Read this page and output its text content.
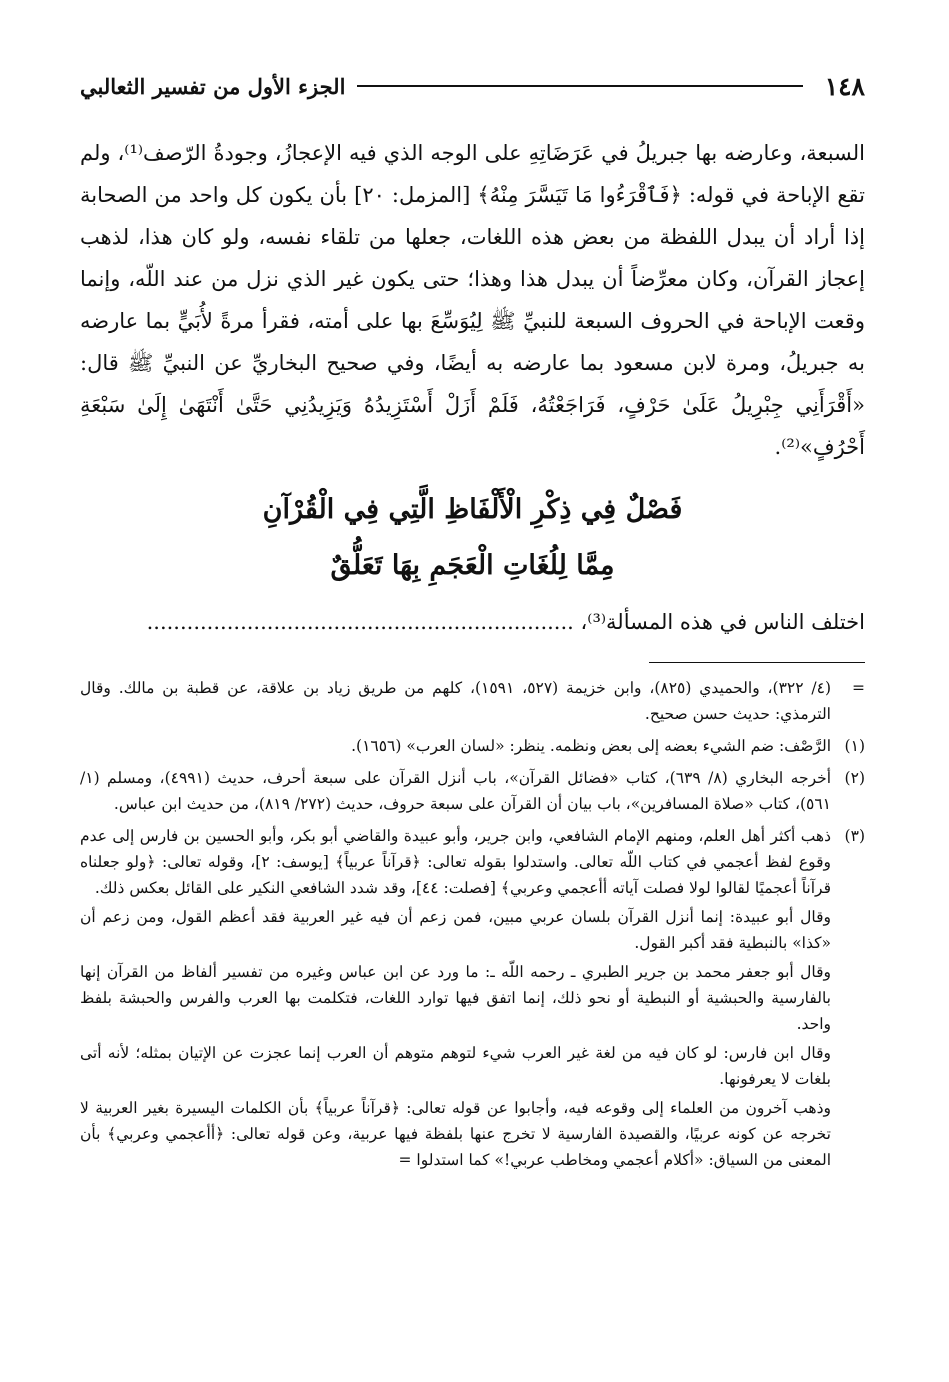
١٤٨
الجزء الأول من تفسير الثعالبي
السبعة، وعارضه بها جبريلُ في عَرَضَاتِهِ على الوجه الذي فيه الإعجازُ، وجودةُ الرّصف⁽¹⁾، ولم تقع الإباحة في قوله: ﴿فَٱقْرَءُوا مَا تَيَسَّرَ مِنْهُ﴾ [المزمل: ٢٠] بأن يكون كل واحد من الصحابة إذا أراد أن يبدل اللفظة من بعض هذه اللغات، جعلها من تلقاء نفسه، ولو كان هذا، لذهب إعجاز القرآن، وكان معرِّضاً أن يبدل هذا وهذا؛ حتى يكون غير الذي نزل من عند اللّه، وإنما وقعت الإباحة في الحروف السبعة للنبيِّ ﷺ لِيُوَسِّعَ بها على أمته، فقرأ مرةً لأُبَيٍّ بما عارضه به جبريلُ، ومرة لابن مسعود بما عارضه به أيضًا، وفي صحيح البخاريِّ عن النبيِّ ﷺ قال: «أَقْرَأَنِي جِبْرِيلُ عَلَىٰ حَرْفٍ، فَرَاجَعْتُهُ، فَلَمْ أَزَلْ أَسْتَزِيدُهُ وَيَزِيدُنِي حَتَّىٰ أَنْتَهَىٰ إِلَىٰ سَبْعَةِ أَحْرُفٍ»⁽²⁾.
فَصْلٌ فِي ذِكْرِ الْأَلْفَاظِ الَّتِي فِي الْقُرْآنِ
مِمَّا لِلُغَاتِ الْعَجَمِ بِهَا تَعَلُّقٌ
اختلف الناس في هذه المسألة⁽³⁾، ................................................................
=

(٤/ ٣٢٢)، والحميدي (٨٢٥)، وابن خزيمة (٥٢٧، ١٥٩١)، كلهم من طريق زياد بن علاقة، عن قطبة بن مالك. وقال الترمذي: حديث حسن صحيح.

(١)

الرَّصْف: ضم الشيء بعضه إلى بعض ونظمه. ينظر: «لسان العرب» (١٦٥٦).

(٢)

أخرجه البخاري (٨/ ٦٣٩)، كتاب «فضائل القرآن»، باب أنزل القرآن على سبعة أحرف، حديث (٤٩٩١)، ومسلم (١/ ٥٦١)، كتاب «صلاة المسافرين»، باب بيان أن القرآن على سبعة حروف، حديث (٢٧٢/ ٨١٩)، من حديث ابن عباس.

(٣)

ذهب أكثر أهل العلم، ومنهم الإمام الشافعي، وابن جرير، وأبو عبيدة والقاضي أبو بكر، وأبو الحسين بن فارس إلى عدم وقوع لفظ أعجمي في كتاب اللّه تعالى. واستدلوا بقوله تعالى: ﴿قرآناً عربياً﴾ [يوسف: ٢]، وقوله تعالى: ﴿ولو جعلناه قرآناً أعجميًا لقالوا لولا فصلت آياته أأعجمي وعربي﴾ [فصلت: ٤٤]، وقد شدد الشافعي النكير على القائل بعكس ذلك.

وقال أبو عبيدة: إنما أنزل القرآن بلسان عربي مبين، فمن زعم أن فيه غير العربية فقد أعظم القول، ومن زعم أن «كذا» بالنبطية فقد أكبر القول.

وقال أبو جعفر محمد بن جرير الطبري ـ رحمه اللّه ـ: ما ورد عن ابن عباس وغيره من تفسير ألفاظ من القرآن إنها بالفارسية والحبشية أو النبطية أو نحو ذلك، إنما اتفق فيها توارد اللغات، فتكلمت بها العرب والفرس والحبشة بلفظ واحد.

وقال ابن فارس: لو كان فيه من لغة غير العرب شيء لتوهم متوهم أن العرب إنما عجزت عن الإتيان بمثله؛ لأنه أتى بلغات لا يعرفونها.

وذهب آخرون من العلماء إلى وقوعه فيه، وأجابوا عن قوله تعالى: ﴿قرآناً عربياً﴾ بأن الكلمات اليسيرة بغير العربية لا تخرجه عن كونه عربيًا، والقصيدة الفارسية لا تخرج عنها بلفظة فيها عربية، وعن قوله تعالى: ﴿أأعجمي وعربي﴾ بأن المعنى من السياق: «أكلام أعجمي ومخاطب عربي!» كما استدلوا =
